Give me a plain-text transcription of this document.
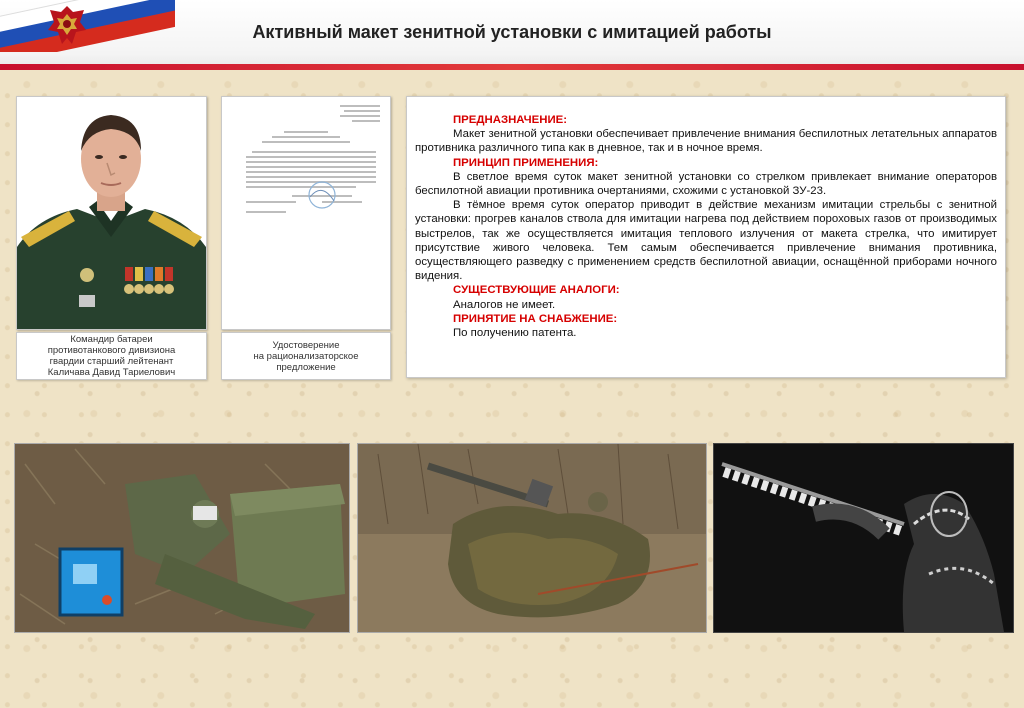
Активный макет зенитной установки с имитацией работы
Командир батареи
противотанкового дивизиона
гвардии старший лейтенант
Каличава Давид Тариелович
Удостоверение
на рационализаторское
предложение
ПРЕДНАЗНАЧЕНИЕ:
Макет зенитной установки обеспечивает привлечение внимания беспилотных летательных аппаратов противника различного типа как в дневное, так и в ночное время.
ПРИНЦИП ПРИМЕНЕНИЯ:
В светлое время суток макет зенитной установки со стрелком привлекает внимание операторов беспилотной авиации противника очертаниями, схожими с установкой ЗУ-23.
В тёмное время суток оператор приводит в действие механизм имитации стрельбы с зенитной установки: прогрев каналов ствола для имитации нагрева под действием пороховых газов от производимых выстрелов, так же осуществляется имитация теплового излучения от макета стрелка, что имитирует присутствие живого человека. Тем самым обеспечивается привлечение внимания противника, осуществляющего разведку с применением средств беспилотной авиации, оснащённой приборами ночного видения.
СУЩЕСТВУЮЩИЕ АНАЛОГИ:
Аналогов не имеет.
ПРИНЯТИЕ НА СНАБЖЕНИЕ:
По получению патента.
